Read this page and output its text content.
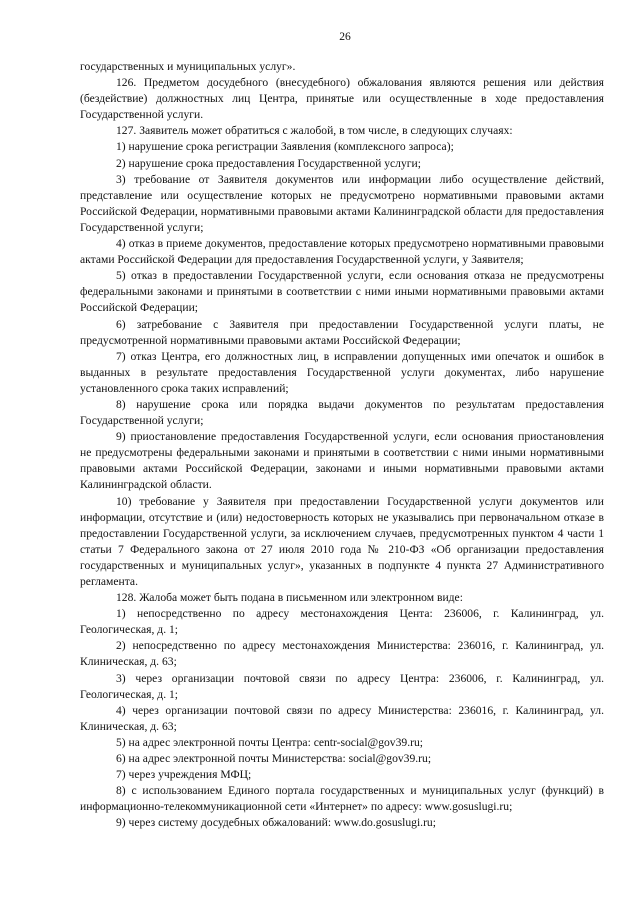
26

государственных и муниципальных услуг».

126. Предметом досудебного (внесудебного) обжалования являются решения или действия (бездействие) должностных лиц Центра, принятые или осуществленные в ходе предоставления Государственной услуги.

127. Заявитель может обратиться с жалобой, в том числе, в следующих случаях:

1) нарушение срока регистрации Заявления (комплексного запроса);

2) нарушение срока предоставления Государственной услуги;

3) требование от Заявителя документов или информации либо осуществление действий, представление или осуществление которых не предусмотрено нормативными правовыми актами Российской Федерации, нормативными правовыми актами Калининградской области для предоставления Государственной услуги;

4) отказ в приеме документов, предоставление которых предусмотрено нормативными правовыми актами Российской Федерации для предоставления Государственной услуги, у Заявителя;

5) отказ в предоставлении Государственной услуги, если основания отказа не предусмотрены федеральными законами и принятыми в соответствии с ними иными нормативными правовыми актами Российской Федерации;

6) затребование с Заявителя при предоставлении Государственной услуги платы, не предусмотренной нормативными правовыми актами Российской Федерации;

7) отказ Центра, его должностных лиц, в исправлении допущенных ими опечаток и ошибок в выданных в результате предоставления Государственной услуги документах, либо нарушение установленного срока таких исправлений;

8) нарушение срока или порядка выдачи документов по результатам предоставления Государственной услуги;

9) приостановление предоставления Государственной услуги, если основания приостановления не предусмотрены федеральными законами и принятыми в соответствии с ними иными нормативными правовыми актами Российской Федерации, законами и иными нормативными правовыми актами Калининградской области.

10) требование у Заявителя при предоставлении Государственной услуги документов или информации, отсутствие и (или) недостоверность которых не указывались при первоначальном отказе в предоставлении Государственной услуги, за исключением случаев, предусмотренных пунктом 4 части 1 статьи 7 Федерального закона от 27 июля 2010 года № 210-ФЗ «Об организации предоставления государственных и муниципальных услуг», указанных в подпункте 4 пункта 27 Административного регламента.

128. Жалоба может быть подана в письменном или электронном виде:

1) непосредственно по адресу местонахождения Цента: 236006, г. Калининград, ул. Геологическая, д. 1;

2) непосредственно по адресу местонахождения Министерства: 236016, г. Калининград, ул. Клиническая, д. 63;

3) через организации почтовой связи по адресу Центра: 236006, г. Калининград, ул. Геологическая, д. 1;

4) через организации почтовой связи по адресу Министерства: 236016, г. Калининград, ул. Клиническая, д. 63;

5) на адрес электронной почты Центра: centr-social@gov39.ru;

6) на адрес электронной почты Министерства: social@gov39.ru;

7) через учреждения МФЦ;

8) с использованием Единого портала государственных и муниципальных услуг (функций) в информационно-телекоммуникационной сети «Интернет» по адресу: www.gosuslugi.ru;

9) через систему досудебных обжалований: www.do.gosuslugi.ru;
